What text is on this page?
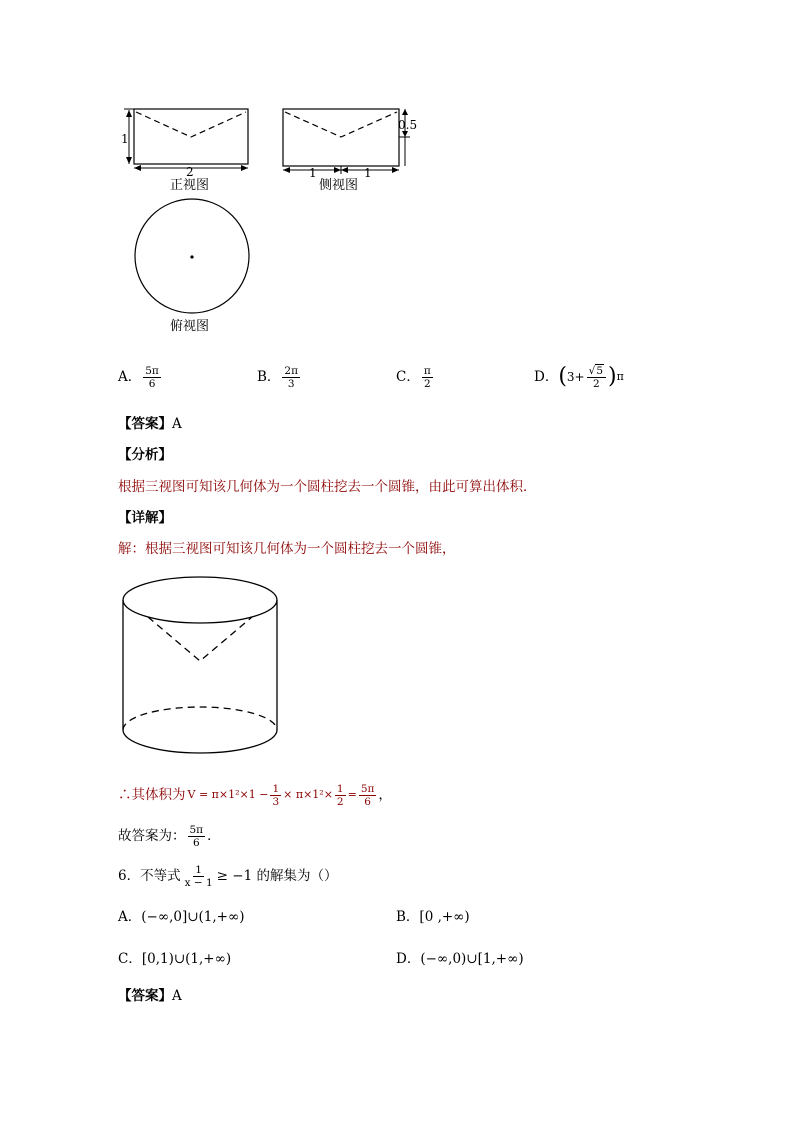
1
2
正视图
0.5
1	1
侧视图
俯视图
A． $\frac{5\pi}{6}$	B． $\frac{2\pi}{3}$	C． $\frac{\pi}{2}$	D． ( $3+ \frac{√5}{2}$ ) π
【答案】A
【分析】
根据三视图可知该几何体为一个圆柱挖去一个圆锥，由此可算出体积．
【详解】
解：根据三视图可知该几何体为一个圆柱挖去一个圆锥，
∴其体积为 $V = \pi\times 1^2\times 1 - \frac{1}{3} \times \pi\times 1^2\times \frac{1}{2} = \frac{5\pi}{6}$ ，
故答案为： $\frac{5\pi}{6}$ ．
6．不等式 $\frac{1}{x - 1} \ge -1$ 的解集为（）
A．(−∞,0]∪(1,+∞)	B．[0 ,+∞)
C．[0,1)∪(1,+∞)	D．(−∞,0)∪[1,+∞)
【答案】A
